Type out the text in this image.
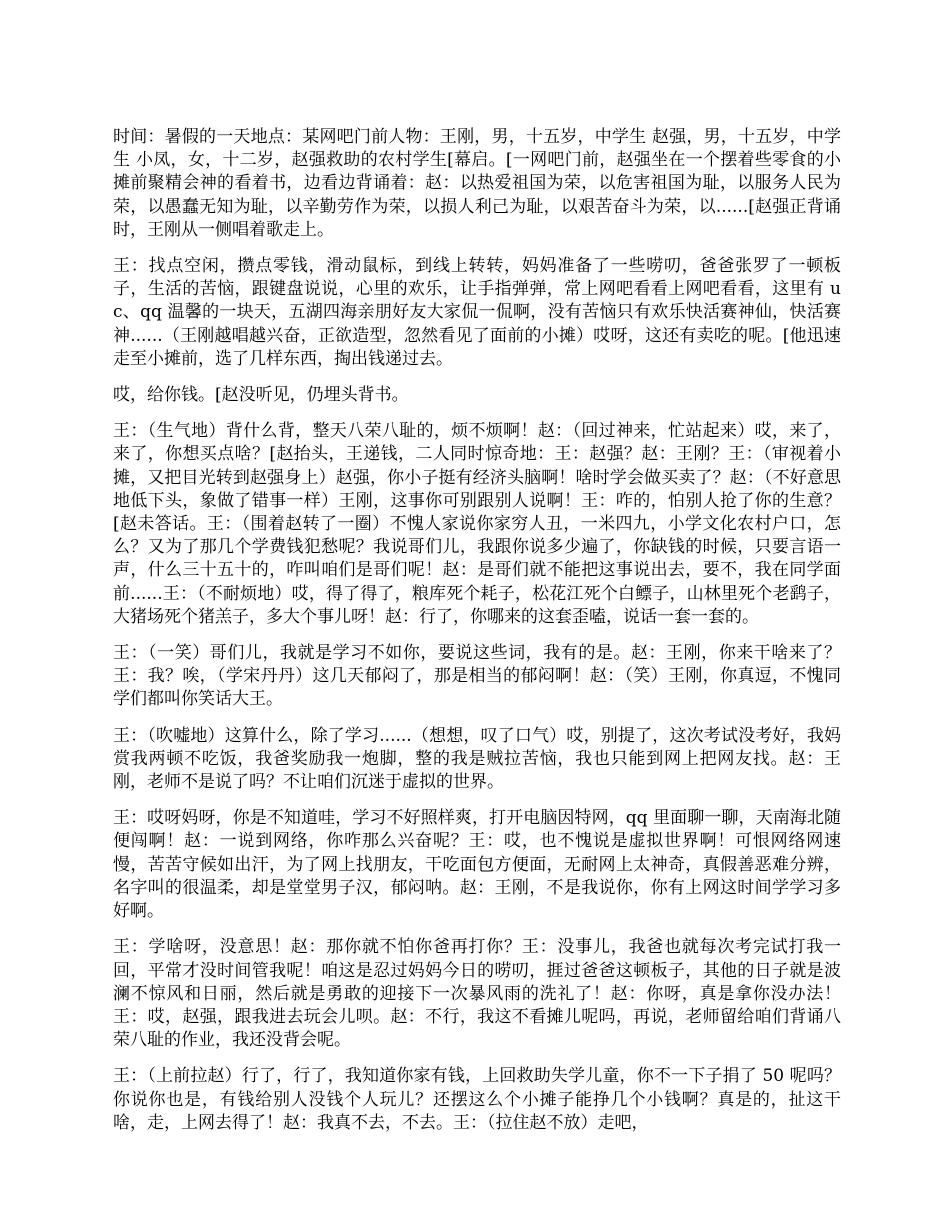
时间：暑假的一天地点：某网吧门前人物：王刚，男，十五岁，中学生 赵强，男，十五岁，中学生 小凤，女，十二岁，赵强救助的农村学生[幕启。[一网吧门前，赵强坐在一个摆着些零食的小摊前聚精会神的看着书，边看边背诵着：赵：以热爱祖国为荣，以危害祖国为耻，以服务人民为荣，以愚蠢无知为耻，以辛勤劳作为荣，以损人利己为耻，以艰苦奋斗为荣，以......[赵强正背诵时，王刚从一侧唱着歌走上。

王：找点空闲，攒点零钱，滑动鼠标，到线上转转，妈妈准备了一些唠叨，爸爸张罗了一顿板子，生活的苦恼，跟键盘说说，心里的欢乐，让手指弹弹，常上网吧看看上网吧看看，这里有 uc、qq 温馨的一块天，五湖四海亲朋好友大家侃一侃啊，没有苦恼只有欢乐快活赛神仙，快活赛神......（王刚越唱越兴奋，正欲造型，忽然看见了面前的小摊）哎呀，这还有卖吃的呢。[他迅速走至小摊前，选了几样东西，掏出钱递过去。

哎，给你钱。[赵没听见，仍埋头背书。

王：（生气地）背什么背，整天八荣八耻的，烦不烦啊！赵：（回过神来，忙站起来）哎，来了，来了，你想买点啥？[赵抬头，王递钱，二人同时惊奇地：王：赵强？赵：王刚？王：（审视着小摊，又把目光转到赵强身上）赵强，你小子挺有经济头脑啊！啥时学会做买卖了？赵：（不好意思地低下头，象做了错事一样）王刚，这事你可别跟别人说啊！王：咋的，怕别人抢了你的生意？[赵未答话。王：（围着赵转了一圈）不愧人家说你家穷人丑，一米四九，小学文化农村户口，怎么？又为了那几个学费钱犯愁呢？我说哥们儿，我跟你说多少遍了，你缺钱的时候，只要言语一声，什么三十五十的，咋叫咱们是哥们呢！赵：是哥们就不能把这事说出去，要不，我在同学面前......王：（不耐烦地）哎，得了得了，粮库死个耗子，松花江死个白鳔子，山林里死个老鹞子，大猪场死个猪羔子，多大个事儿呀！赵：行了，你哪来的这套歪嗑，说话一套一套的。

王：（一笑）哥们儿，我就是学习不如你，要说这些词，我有的是。赵：王刚，你来干啥来了？王：我？唉，（学宋丹丹）这几天郁闷了，那是相当的郁闷啊！赵：（笑）王刚，你真逗，不愧同学们都叫你笑话大王。

王：（吹嘘地）这算什么，除了学习......（想想，叹了口气）哎，别提了，这次考试没考好，我妈赏我两顿不吃饭，我爸奖励我一炮脚，整的我是贼拉苦恼，我也只能到网上把网友找。赵：王刚，老师不是说了吗？不让咱们沉迷于虚拟的世界。

王：哎呀妈呀，你是不知道哇，学习不好照样爽，打开电脑因特网，qq 里面聊一聊，天南海北随便闯啊！赵：一说到网络，你咋那么兴奋呢？王：哎，也不愧说是虚拟世界啊！可恨网络网速慢，苦苦守候如出汗，为了网上找朋友，干吃面包方便面，无耐网上太神奇，真假善恶难分辨，名字叫的很温柔，却是堂堂男子汉，郁闷呐。赵：王刚，不是我说你，你有上网这时间学学习多好啊。

王：学啥呀，没意思！赵：那你就不怕你爸再打你？王：没事儿，我爸也就每次考完试打我一回，平常才没时间管我呢！咱这是忍过妈妈今日的唠叨，捱过爸爸这顿板子，其他的日子就是波澜不惊风和日丽，然后就是勇敢的迎接下一次暴风雨的洗礼了！赵：你呀，真是拿你没办法！王：哎，赵强，跟我进去玩会儿呗。赵：不行，我这不看摊儿呢吗，再说，老师留给咱们背诵八荣八耻的作业，我还没背会呢。

王：（上前拉赵）行了，行了，我知道你家有钱，上回救助失学儿童，你不一下子捐了 50 呢吗？你说你也是，有钱给别人没钱个人玩儿？还摆这么个小摊子能挣几个小钱啊？真是的，扯这干啥，走，上网去得了！赵：我真不去，不去。王：（拉住赵不放）走吧，
